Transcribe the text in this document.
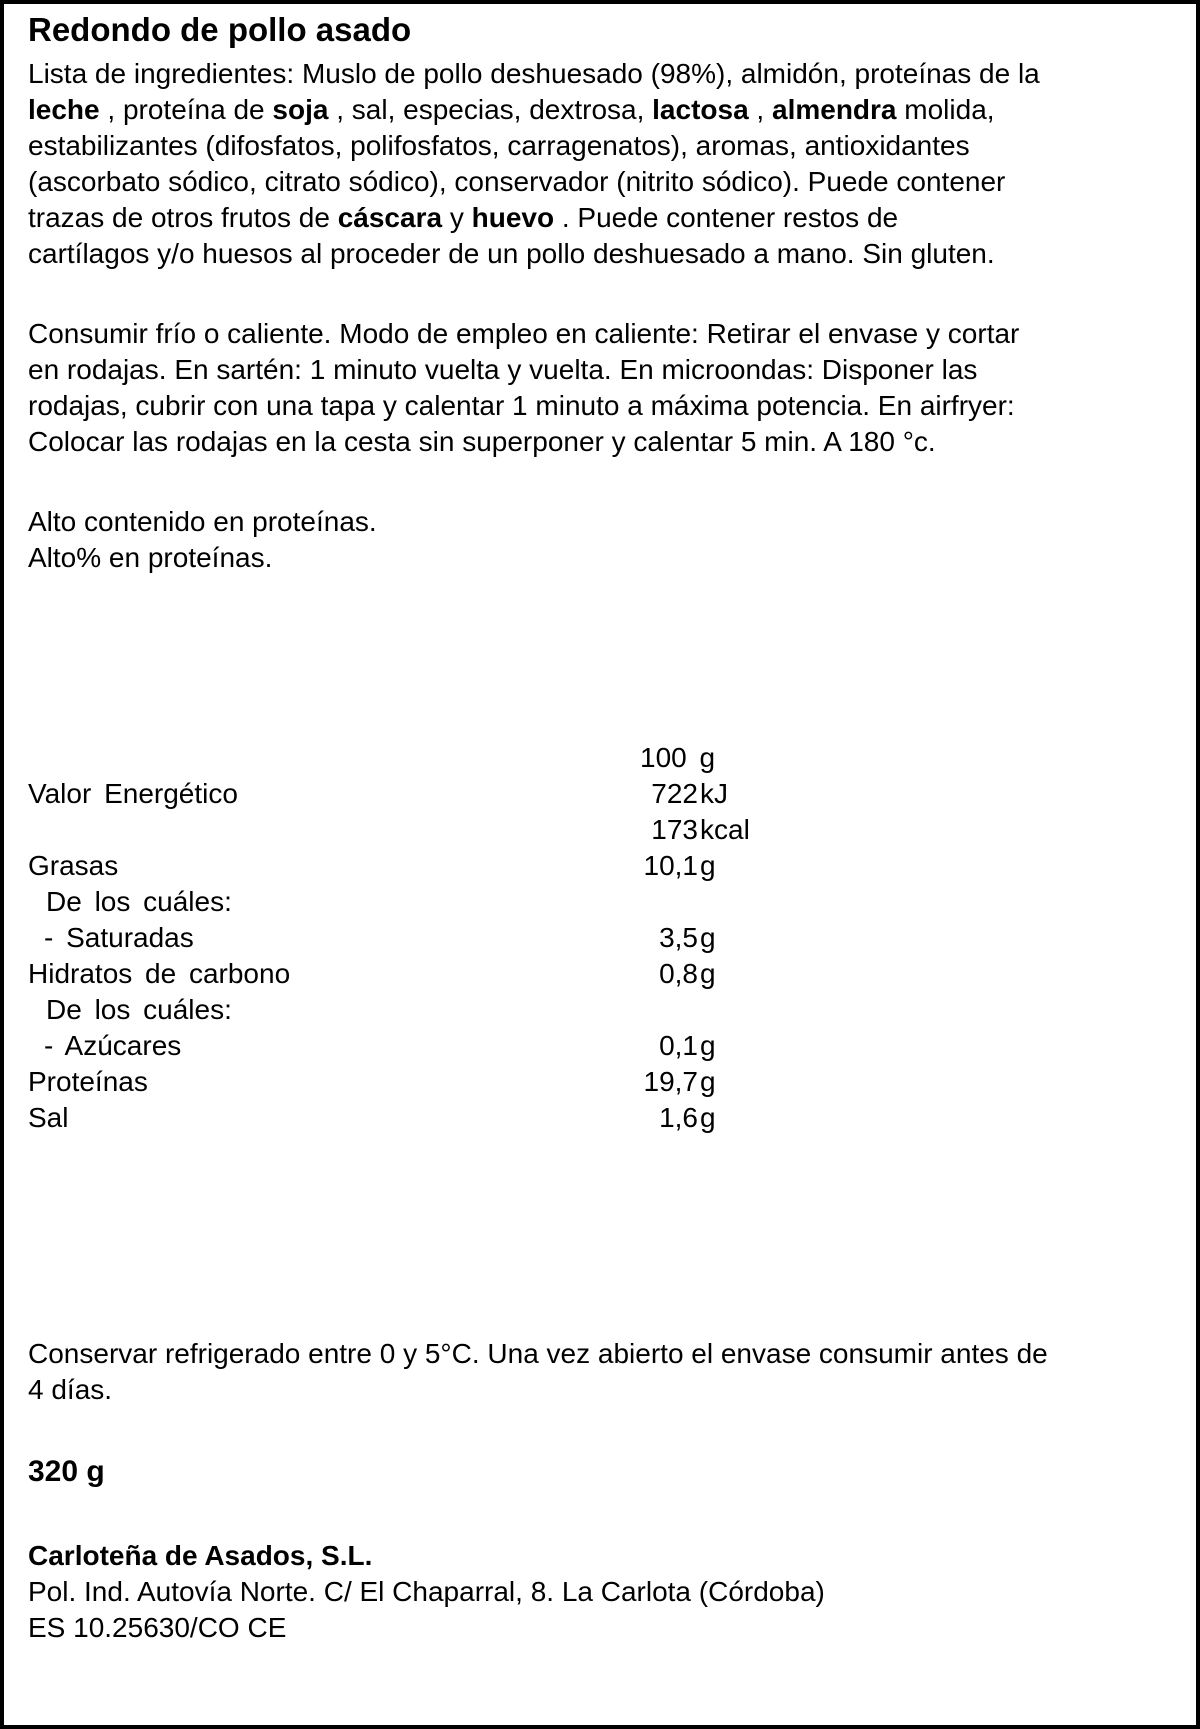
Redondo de pollo asado
Lista de ingredientes: Muslo de pollo deshuesado (98%), almidón, proteínas de la
leche , proteína de soja , sal, especias, dextrosa, lactosa , almendra molida,
estabilizantes (difosfatos, polifosfatos, carragenatos), aromas, antioxidantes
(ascorbato sódico, citrato sódico), conservador (nitrito sódico). Puede contener
trazas de otros frutos de cáscara y huevo . Puede contener restos de
cartílagos y/o huesos al proceder de un pollo deshuesado a mano. Sin gluten.
Consumir frío o caliente. Modo de empleo en caliente: Retirar el envase y cortar
en rodajas. En sartén: 1 minuto vuelta y vuelta. En microondas: Disponer las
rodajas, cubrir con una tapa y calentar 1 minuto a máxima potencia. En airfryer:
Colocar las rodajas en la cesta sin superponer y calentar 5 min. A 180 °c.
Alto contenido en proteínas.
Alto% en proteínas.
100 g
Valor Energético	722kJ
173kcal
Grasas	10,1g
De los cuáles:
- Saturadas	3,5g
Hidratos de carbono	0,8g
De los cuáles:
- Azúcares	0,1g
Proteínas	19,7g
Sal	1,6g
Conservar refrigerado entre 0 y 5°C. Una vez abierto el envase consumir antes de
4 días.
320 g
Carloteña de Asados, S.L.
Pol. Ind. Autovía Norte. C/ El Chaparral, 8. La Carlota (Córdoba)
ES 10.25630/CO CE
